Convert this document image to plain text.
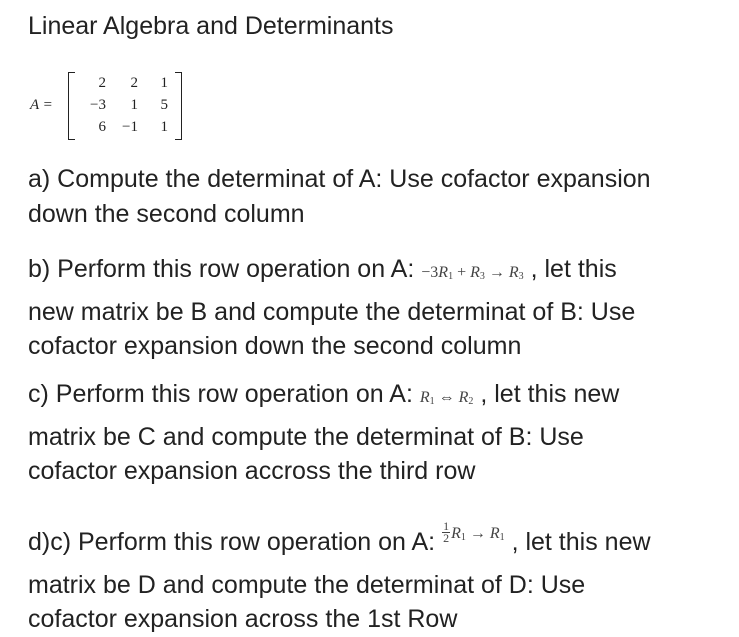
Linear Algebra and Determinants
A =
2	2	1
−3	1	5
6	−1	1
a) Compute the determinat of A: Use cofactor expansion
down the second column
b) Perform this row operation on A: $-3R_1 + R_3 \to R_3$ , let this
new matrix be B and compute the determinat of B: Use
cofactor expansion down the second column
c) Perform this row operation on A: $R_1$ ⇔ $R_2$ , let this new
matrix be C and compute the determinat of B: Use
cofactor expansion accross the third row
d)c) Perform this row operation on A: $^{\frac{1}{2} R_1 \to R_1}$ , let this new
matrix be D and compute the determinat of D: Use
cofactor expansion across the 1st Row
